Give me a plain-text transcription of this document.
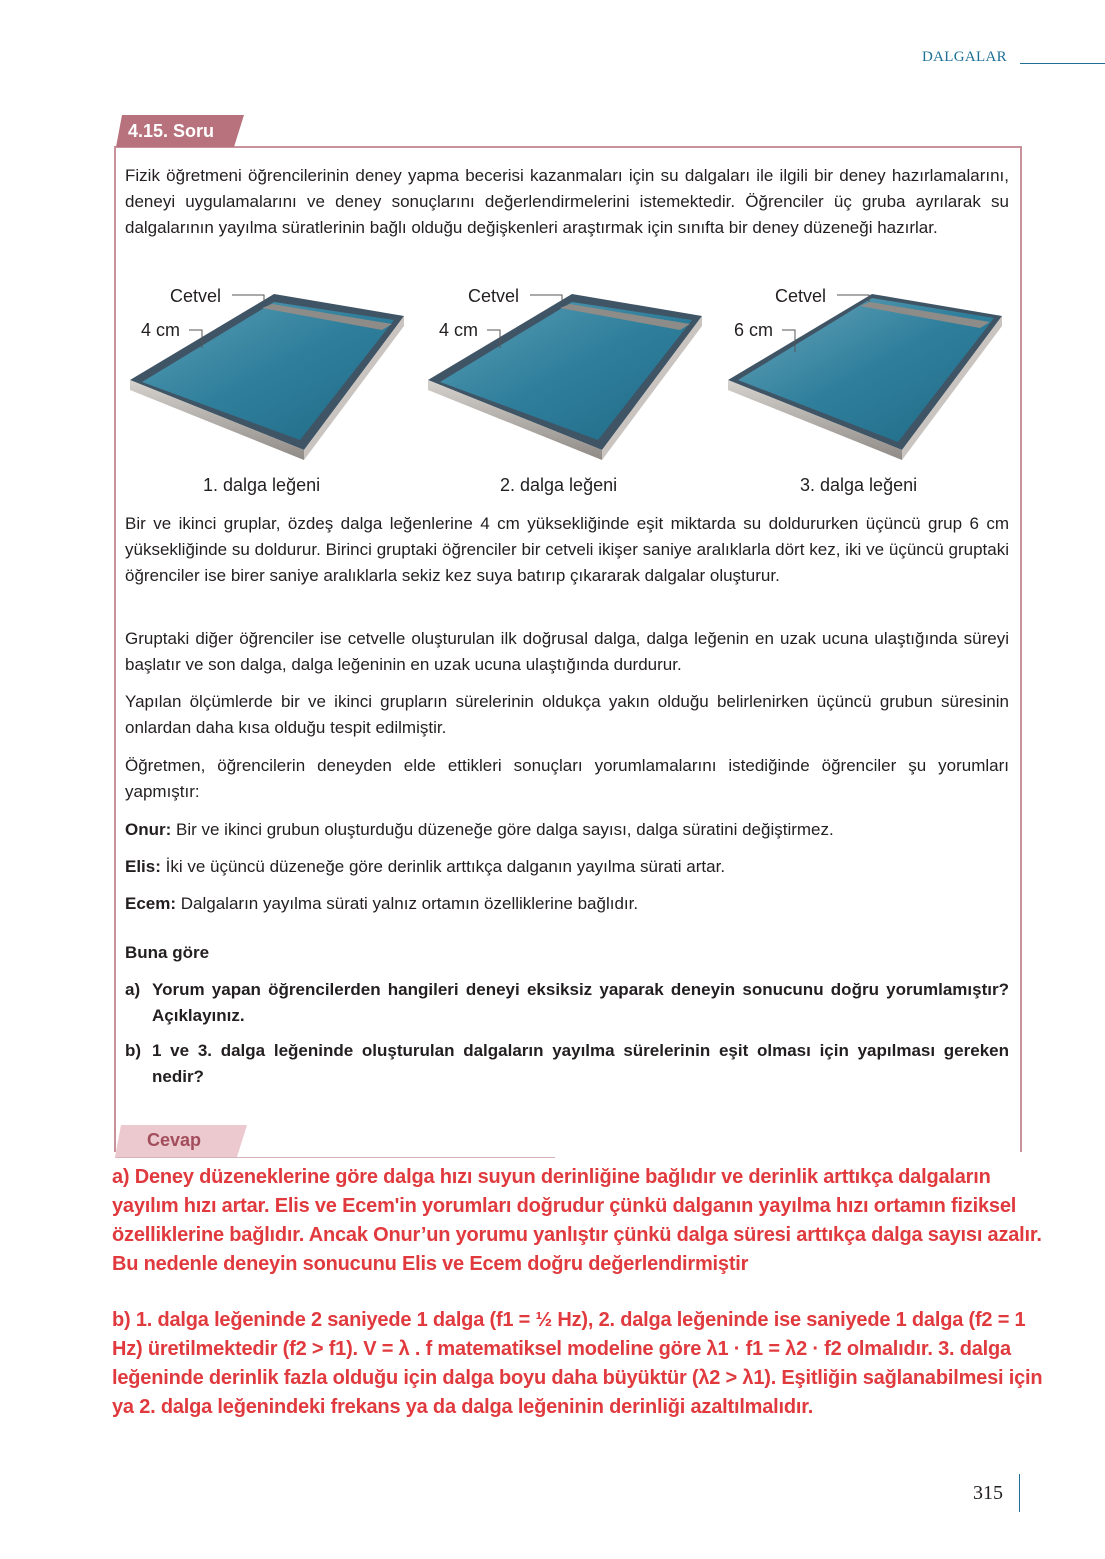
DALGALAR
4.15. Soru
Fizik öğretmeni öğrencilerinin deney yapma becerisi kazanmaları için su dalgaları ile ilgili bir deney hazırlamalarını, deneyi uygulamalarını ve deney sonuçlarını değerlendirmelerini istemektedir. Öğrenciler üç gruba ayrılarak su dalgalarının yayılma süratlerinin bağlı olduğu değişkenleri araştırmak için sınıfta bir deney düzeneği hazırlar.
Cetvel
4 cm
1. dalga leğeni
Cetvel
4 cm
2. dalga leğeni
Cetvel
6 cm
3. dalga leğeni
Bir ve ikinci gruplar, özdeş dalga leğenlerine 4 cm yüksekliğinde eşit miktarda su doldururken üçüncü grup 6 cm yüksekliğinde su doldurur. Birinci gruptaki öğrenciler bir cetveli ikişer saniye aralıklarla dört kez, iki ve üçüncü gruptaki öğrenciler ise birer saniye aralıklarla sekiz kez suya batırıp çıkararak dalgalar oluşturur.
Gruptaki diğer öğrenciler ise cetvelle oluşturulan ilk doğrusal dalga, dalga leğenin en uzak ucuna ulaştığında süreyi başlatır ve son dalga, dalga leğeninin en uzak ucuna ulaştığında durdurur.
Yapılan ölçümlerde bir ve ikinci grupların sürelerinin oldukça yakın olduğu belirlenirken üçüncü grubun süresinin onlardan daha kısa olduğu tespit edilmiştir.
Öğretmen, öğrencilerin deneyden elde ettikleri sonuçları yorumlamalarını istediğinde öğrenciler şu yorumları yapmıştır:
Onur: Bir ve ikinci grubun oluşturduğu düzeneğe göre dalga sayısı, dalga süratini değiştirmez.
Elis: İki ve üçüncü düzeneğe göre derinlik arttıkça dalganın yayılma sürati artar.
Ecem: Dalgaların yayılma sürati yalnız ortamın özelliklerine bağlıdır.
Buna göre
a) Yorum yapan öğrencilerden hangileri deneyi eksiksiz yaparak deneyin sonucunu doğru yorumlamıştır? Açıklayınız.
b) 1 ve 3. dalga leğeninde oluşturulan dalgaların yayılma sürelerinin eşit olması için yapılması gereken nedir?
Cevap
a) Deney düzeneklerine göre dalga hızı suyun derinliğine bağlıdır ve derinlik arttıkça dalgaların yayılım hızı artar. Elis ve Ecem'in yorumları doğrudur çünkü dalganın yayılma hızı ortamın fiziksel özelliklerine bağlıdır. Ancak Onur’un yorumu yanlıştır çünkü dalga süresi arttıkça dalga sayısı azalır. Bu nedenle deneyin sonucunu Elis ve Ecem doğru değerlendirmiştir
b) 1. dalga leğeninde 2 saniyede 1 dalga (f1 = ½ Hz), 2. dalga leğeninde ise saniyede 1 dalga (f2 = 1 Hz) üretilmektedir (f2 > f1). V = λ . f matematiksel modeline göre λ1 · f1 = λ2 · f2 olmalıdır. 3. dalga leğeninde derinlik fazla olduğu için dalga boyu daha büyüktür (λ2 > λ1). Eşitliğin sağlanabilmesi için ya 2. dalga leğenindeki frekans ya da dalga leğeninin derinliği azaltılmalıdır.
315
